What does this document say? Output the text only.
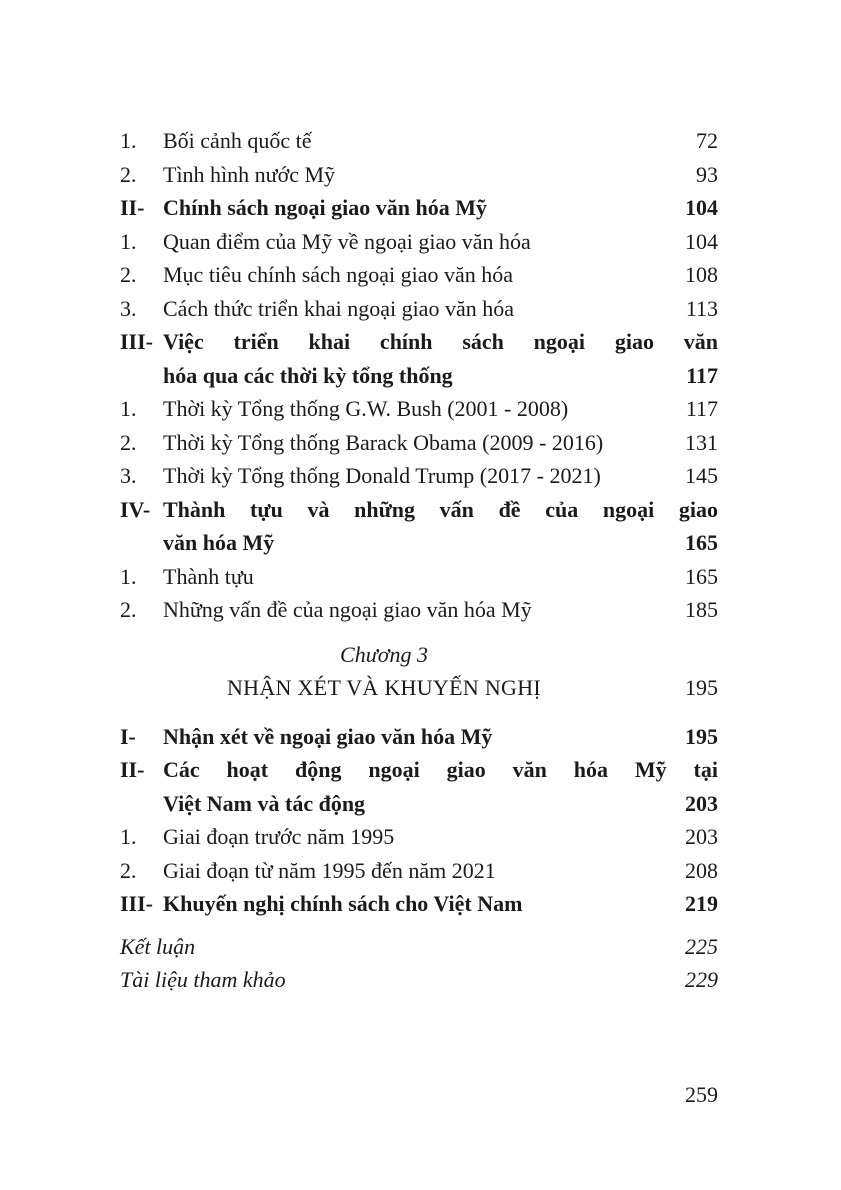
1.	Bối cảnh quốc tế	72
2.	Tình hình nước Mỹ	93
II- Chính sách ngoại giao văn hóa Mỹ	104
1.	Quan điểm của Mỹ về ngoại giao văn hóa	104
2.	Mục tiêu chính sách ngoại giao văn hóa	108
3.	Cách thức triển khai ngoại giao văn hóa	113
III- Việc triển khai chính sách ngoại giao văn
hóa qua các thời kỳ tổng thống	117
1.	Thời kỳ Tổng thống G.W. Bush (2001 - 2008)	117
2.	Thời kỳ Tổng thống Barack Obama (2009 - 2016)	131
3.	Thời kỳ Tổng thống Donald Trump (2017 - 2021)	145
IV- Thành tựu và những vấn đề của ngoại giao
văn hóa Mỹ	165
1.	Thành tựu	165
2.	Những vấn đề của ngoại giao văn hóa Mỹ	185
Chương 3
NHẬN XÉT VÀ KHUYẾN NGHỊ	195
I-	Nhận xét về ngoại giao văn hóa Mỹ	195
II- Các hoạt động ngoại giao văn hóa Mỹ tại
Việt Nam và tác động	203
1.	Giai đoạn trước năm 1995	203
2.	Giai đoạn từ năm 1995 đến năm 2021	208
III- Khuyến nghị chính sách cho Việt Nam	219
Kết luận	225
Tài liệu tham khảo	229
259
